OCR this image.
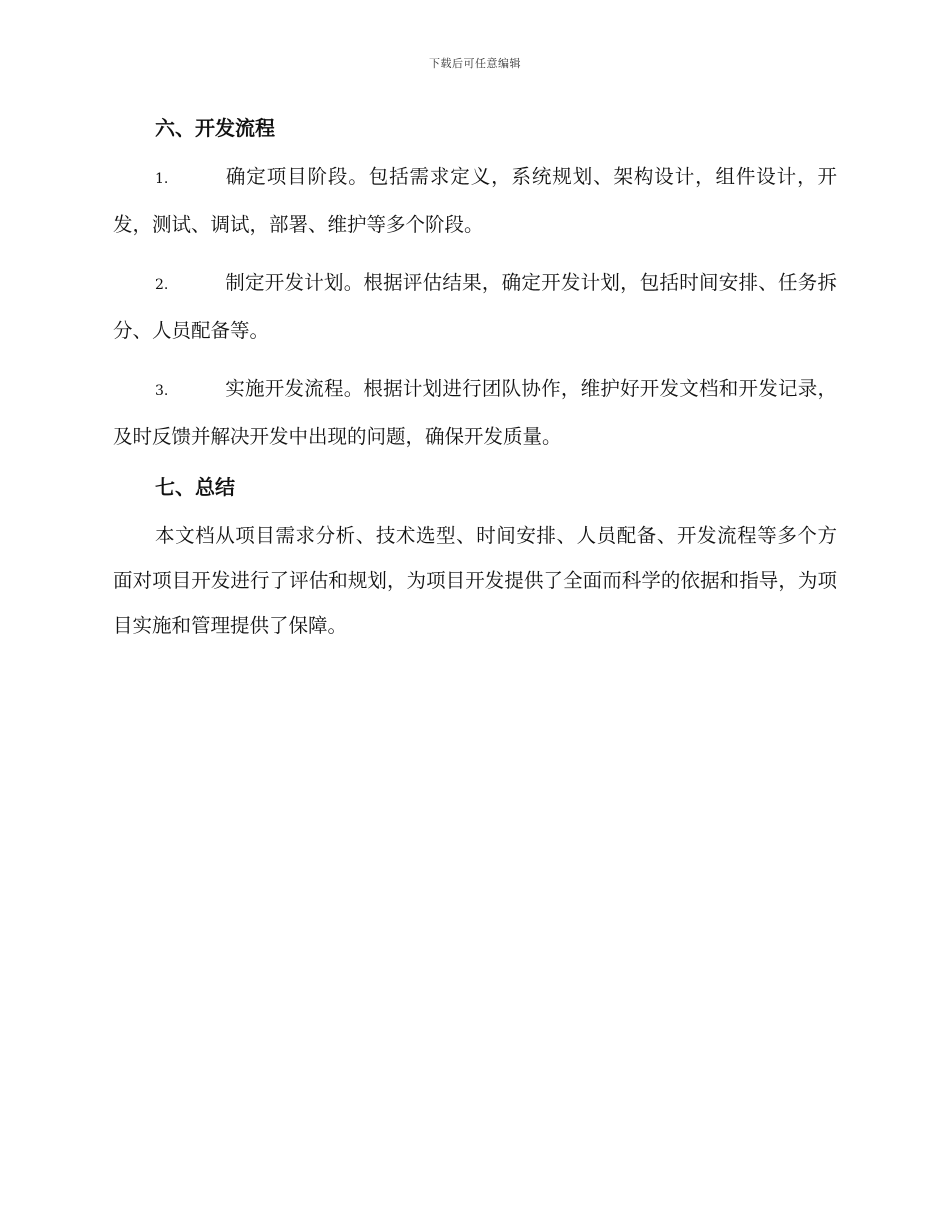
下载后可任意编辑
六、开发流程

1.	确定项目阶段。包括需求定义，系统规划、架构设计，组件设计，开发，测试、调试，部署、维护等多个阶段。

2.	制定开发计划。根据评估结果，确定开发计划，包括时间安排、任务拆分、人员配备等。

3.	实施开发流程。根据计划进行团队协作，维护好开发文档和开发记录，及时反馈并解决开发中出现的问题，确保开发质量。

七、总结

本文档从项目需求分析、技术选型、时间安排、人员配备、开发流程等多个方面对项目开发进行了评估和规划，为项目开发提供了全面而科学的依据和指导，为项目实施和管理提供了保障。
